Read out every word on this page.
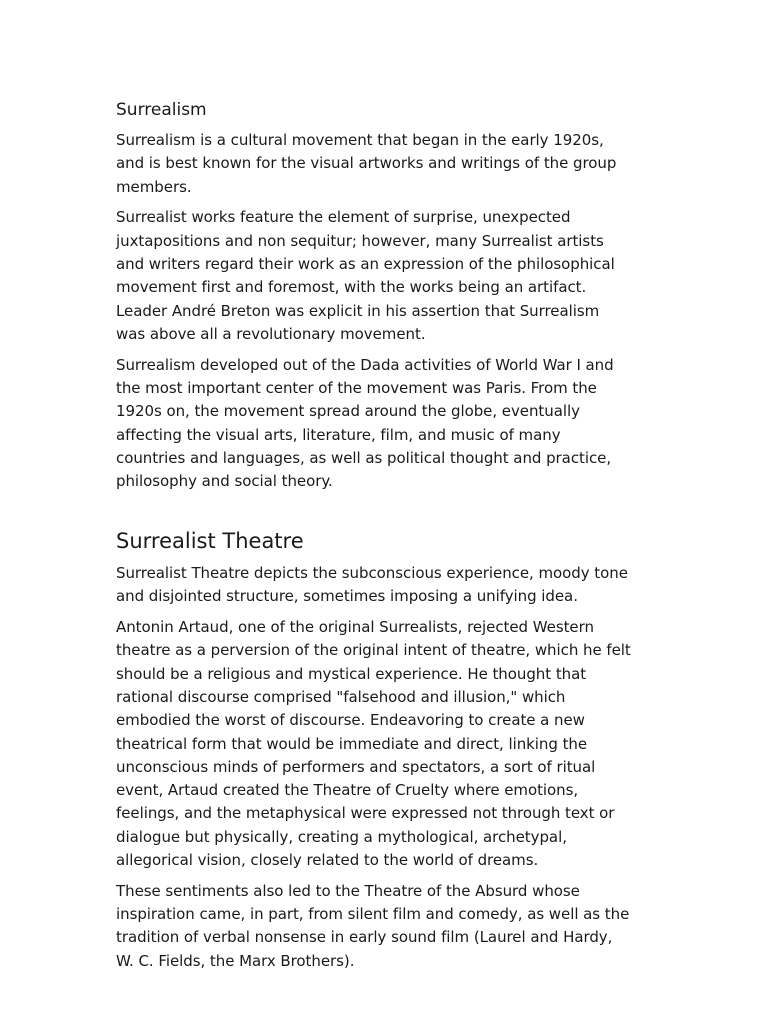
Surrealism

Surrealism is a cultural movement that began in the early 1920s,
and is best known for the visual artworks and writings of the group
members.

Surrealist works feature the element of surprise, unexpected
juxtapositions and non sequitur; however, many Surrealist artists
and writers regard their work as an expression of the philosophical
movement first and foremost, with the works being an artifact.
Leader André Breton was explicit in his assertion that Surrealism
was above all a revolutionary movement.

Surrealism developed out of the Dada activities of World War I and
the most important center of the movement was Paris. From the
1920s on, the movement spread around the globe, eventually
affecting the visual arts, literature, film, and music of many
countries and languages, as well as political thought and practice,
philosophy and social theory.

Surrealist Theatre

Surrealist Theatre depicts the subconscious experience, moody tone
and disjointed structure, sometimes imposing a unifying idea.

Antonin Artaud, one of the original Surrealists, rejected Western
theatre as a perversion of the original intent of theatre, which he felt
should be a religious and mystical experience. He thought that
rational discourse comprised "falsehood and illusion," which
embodied the worst of discourse. Endeavoring to create a new
theatrical form that would be immediate and direct, linking the
unconscious minds of performers and spectators, a sort of ritual
event, Artaud created the Theatre of Cruelty where emotions,
feelings, and the metaphysical were expressed not through text or
dialogue but physically, creating a mythological, archetypal,
allegorical vision, closely related to the world of dreams.

These sentiments also led to the Theatre of the Absurd whose
inspiration came, in part, from silent film and comedy, as well as the
tradition of verbal nonsense in early sound film (Laurel and Hardy,
W. C. Fields, the Marx Brothers).
